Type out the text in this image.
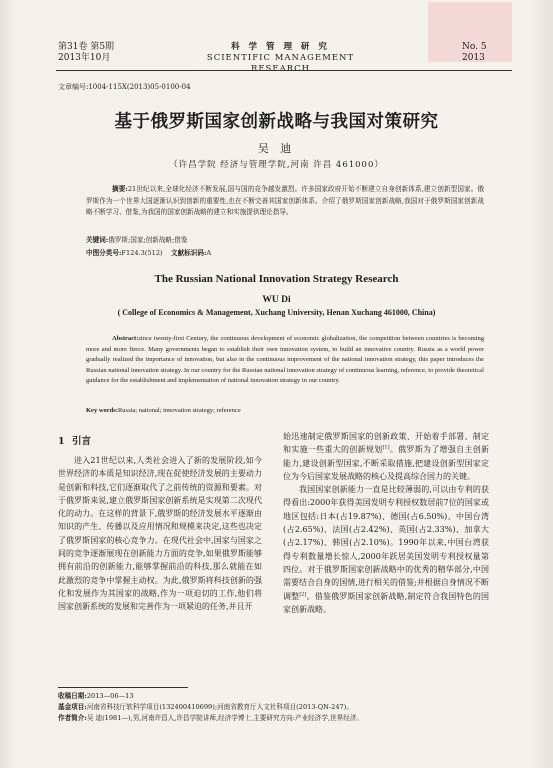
第31卷 第5期
2013年10月
科 学 管 理 研 究
SCIENTIFIC MANAGEMENT RESEARCH
No. 5
2013
文章编号:1004-115X(2013)05-0100-04
基于俄罗斯国家创新战略与我国对策研究
吴 迪
（许昌学院 经济与管理学院,河南 许昌 461000）
摘要:21世纪以来,全球化经济不断发展,国与国的竞争越发激烈。许多国家政府开始不断建立自身创新体系,建立创新型国家。俄罗斯作为一个世界大国逐渐认识到创新的重要性,也在不断完善其国家创新体系。介绍了俄罗斯国家创新战略,我国对于俄罗斯国家创新战略不断学习、借鉴,为我国的国家创新战略的建立和实施提供理论指导。
关键词:俄罗斯;国家;创新战略;借鉴
中图分类号:F124.3(512) 文献标识码:A
The Russian National Innovation Strategy Research
WU Di
( College of Economics & Management, Xuchang University, Henan Xuchang 461000, China)
Abstract:since twenty-first Century, the continuous development of economic globalization, the competition between countries is becoming more and more fierce. Many governments began to establish their own innovation system, to build an innovative country. Russia as a world power gradually realized the importance of innovation, but also in the continuous improvement of the national innovation strategy, this paper introduces the Russian national innovation strategy. In our country for the Russian national innovation strategy of continuous learning, reference, to provide theoretical guidance for the establishment and implementation of national innovation strategy in our country.
Key words:Russia; national; innovation strategy; reference
1 引言

进入21世纪以来,人类社会进入了新的发展阶段,如今世界经济的本质是知识经济,现在促使经济发展的主要动力是创新和科技,它们逐渐取代了之前传统的资源和要素。对于俄罗斯来说,建立俄罗斯国家创新系统是实现第二次现代化的动力。在这样的背景下,俄罗斯的经济发展水平逐渐由知识的产生、传播以及应用情况和规模来决定,这些也决定了俄罗斯国家的核心竞争力。在现代社会中,国家与国家之间的竞争逐渐展现在创新能力方面的竞争,如果俄罗斯能够拥有前沿的创新能力,能够掌握前沿的科技,那么就能在如此激烈的竞争中掌握主动权。为此,俄罗斯将科技创新的强化和发展作为其国家的战略,作为一项迫切的工作,他们将国家创新系统的发展和完善作为一项紧迫的任务,并且开

始迅速制定俄罗斯国家的创新政策、开始着手部署、制定和实施一些重大的创新规划[1]。俄罗斯为了增强自主创新能力,建设创新型国家,不断采取措施,把建设创新型国家定位为今后国家发展战略的核心及提高综合国力的关键。

我国国家创新能力一直是比较薄弱的,可以由专利的获得看出:2000年获得美国发明专利授权数居前7位的国家或地区包括:日本(占19.87%)、德国(占6.50%)、中国台湾(占2.65%)、法国(占2.42%)、英国(占2.33%)、加拿大(占2.17%)、韩国(占2.10%)。1990年以来,中国台湾获得专利数量增长惊人,2000年跃居美国发明专利授权量第四位。对于俄罗斯国家创新战略中的优秀的精华部分,中国需要结合自身的国情,进行相关的借鉴;并根据自身情况不断调整[2]。借鉴俄罗斯国家创新战略,制定符合我国特色的国家创新战略。

收稿日期:2013—06—13
基金项目:河南省科技厅软科学项目(132400410699);河南省教育厅人文社科项目(2013-QN-247)。
作者简介:吴 迪(1981—),男,河南许昌人,许昌学院讲师,经济学博士,主要研究方向:产业经济学,世界经济。
